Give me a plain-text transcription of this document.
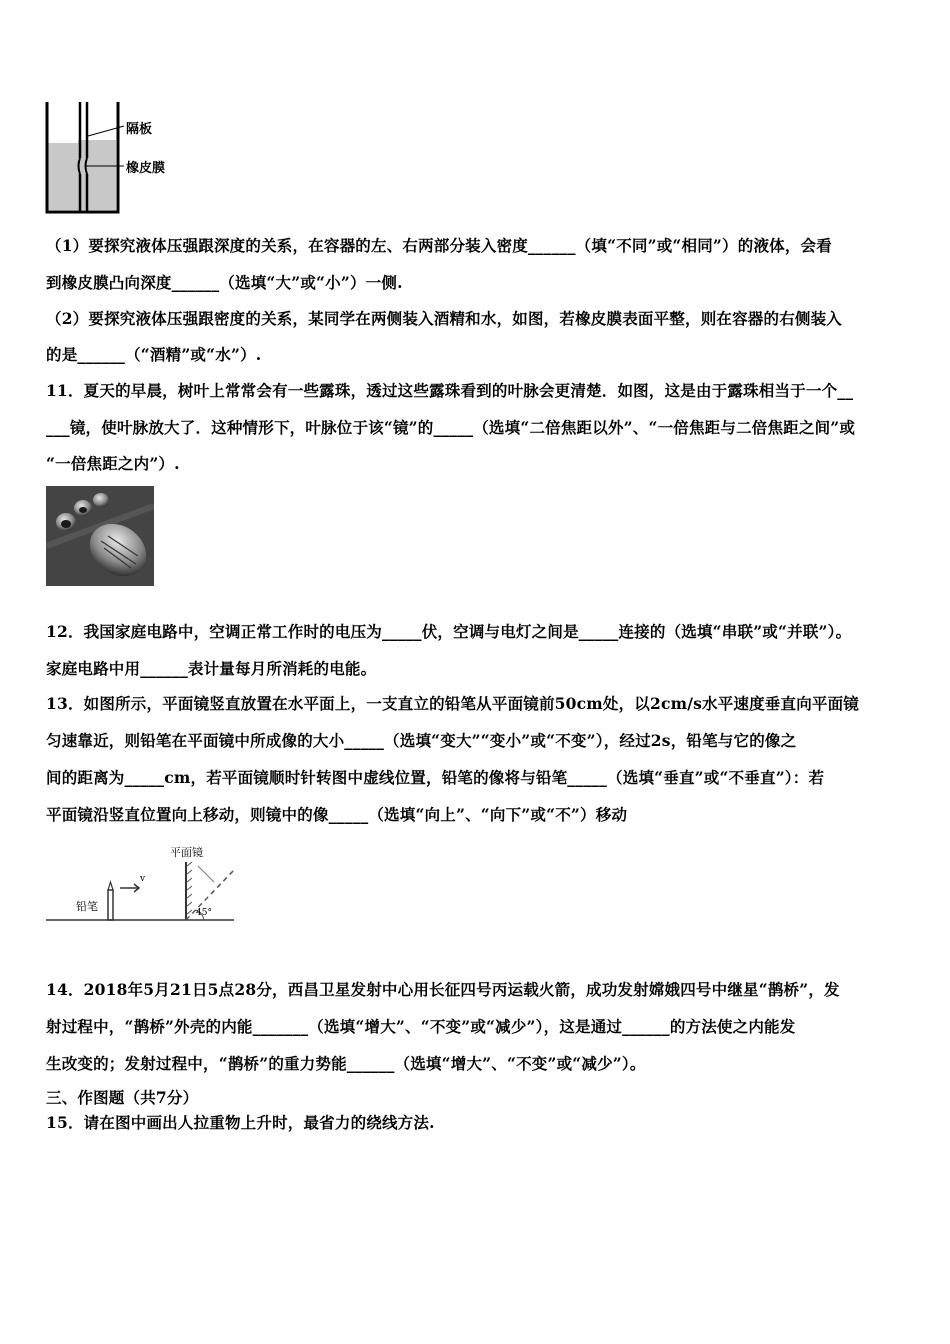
隔板
橡皮膜
（1）要探究液体压强跟深度的关系，在容器的左、右两部分装入密度______（填“不同”或“相同”）的液体，会看
到橡皮膜凸向深度______（选填“大”或“小”）一侧.
（2）要探究液体压强跟密度的关系，某同学在两侧装入酒精和水，如图，若橡皮膜表面平整，则在容器的右侧装入
的是______（“酒精”或“水”）.
11．夏天的早晨，树叶上常常会有一些露珠，透过这些露珠看到的叶脉会更清楚．如图，这是由于露珠相当于一个__
___镜，使叶脉放大了．这种情形下，叶脉位于该“镜”的_____（选填“二倍焦距以外”、“一倍焦距与二倍焦距之间”或
“一倍焦距之内”）.
12．我国家庭电路中，空调正常工作时的电压为_____伏，空调与电灯之间是_____连接的（选填“串联”或“并联”）。
家庭电路中用______表计量每月所消耗的电能。
13．如图所示，平面镜竖直放置在水平面上，一支直立的铅笔从平面镜前50cm处，以2cm/s水平速度垂直向平面镜
匀速靠近，则铅笔在平面镜中所成像的大小_____（选填“变大”“变小”或“不变”），经过2s，铅笔与它的像之
间的距离为_____cm，若平面镜顺时针转图中虚线位置，铅笔的像将与铅笔_____（选填“垂直”或“不垂直”）：若
平面镜沿竖直位置向上移动，则镜中的像_____（选填“向上”、“向下”或“不”）移动
平面镜
铅笔
v
45°
14．2018年5月21日5点28分，西昌卫星发射中心用长征四号丙运载火箭，成功发射嫦娥四号中继星“鹊桥”，发
射过程中，“鹊桥”外壳的内能_______（选填“增大”、“不变”或“减少”），这是通过______的方法使之内能发
生改变的；发射过程中，“鹊桥”的重力势能______（选填“增大”、“不变”或“减少”）。
三、作图题（共7分）
15．请在图中画出人拉重物上升时，最省力的绕线方法.
